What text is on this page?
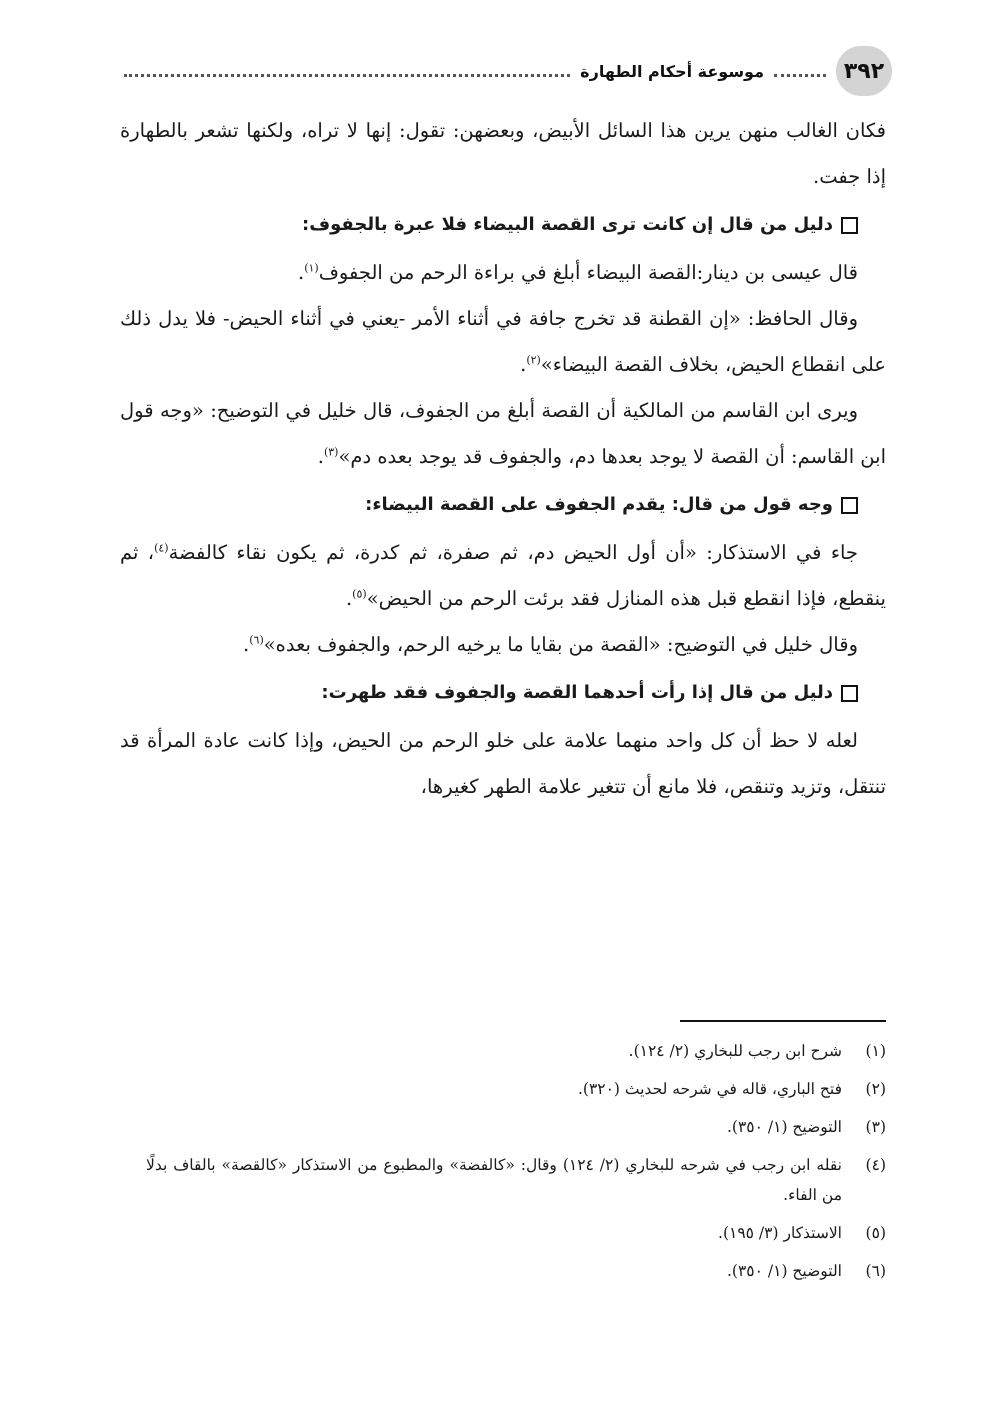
٣٩٢
موسوعة أحكام الطهارة

فكان الغالب منهن يرين هذا السائل الأبيض، وبعضهن: تقول: إنها لا تراه، ولكنها تشعر بالطهارة إذا جفت.

دليل من قال إن كانت ترى القصة البيضاء فلا عبرة بالجفوف:

قال عيسى بن دينار:القصة البيضاء أبلغ في براءة الرحم من الجفوف$^{(١)}$.

وقال الحافظ: «إن القطنة قد تخرج جافة في أثناء الأمر -يعني في أثناء الحيض- فلا يدل ذلك على انقطاع الحيض، بخلاف القصة البيضاء»$^{(٢)}$.

ويرى ابن القاسم من المالكية أن القصة أبلغ من الجفوف، قال خليل في التوضيح: «وجه قول ابن القاسم: أن القصة لا يوجد بعدها دم، والجفوف قد يوجد بعده دم»$^{(٣)}$.

وجه قول من قال: يقدم الجفوف على القصة البيضاء:

جاء في الاستذكار: «أن أول الحيض دم، ثم صفرة، ثم كدرة، ثم يكون نقاء كالفضة$^{(٤)}$، ثم ينقطع، فإذا انقطع قبل هذه المنازل فقد برئت الرحم من الحيض»$^{(٥)}$.

وقال خليل في التوضيح: «القصة من بقايا ما يرخيه الرحم، والجفوف بعده»$^{(٦)}$.

دليل من قال إذا رأت أحدهما القصة والجفوف فقد طهرت:

لعله لا حظ أن كل واحد منهما علامة على خلو الرحم من الحيض، وإذا كانت عادة المرأة قد تنتقل، وتزيد وتنقص، فلا مانع أن تتغير علامة الطهر كغيرها،

(١)
شرح ابن رجب للبخاري (٢/ ١٢٤).
(٢)
فتح الباري، قاله في شرحه لحديث (٣٢٠).
(٣)
التوضيح (١/ ٣٥٠).
(٤)
نقله ابن رجب في شرحه للبخاري (٢/ ١٢٤) وقال: «كالفضة» والمطبوع من الاستذكار «كالقصة» بالقاف بدلًا من الفاء.
(٥)
الاستذكار (٣/ ١٩٥).
(٦)
التوضيح (١/ ٣٥٠).
